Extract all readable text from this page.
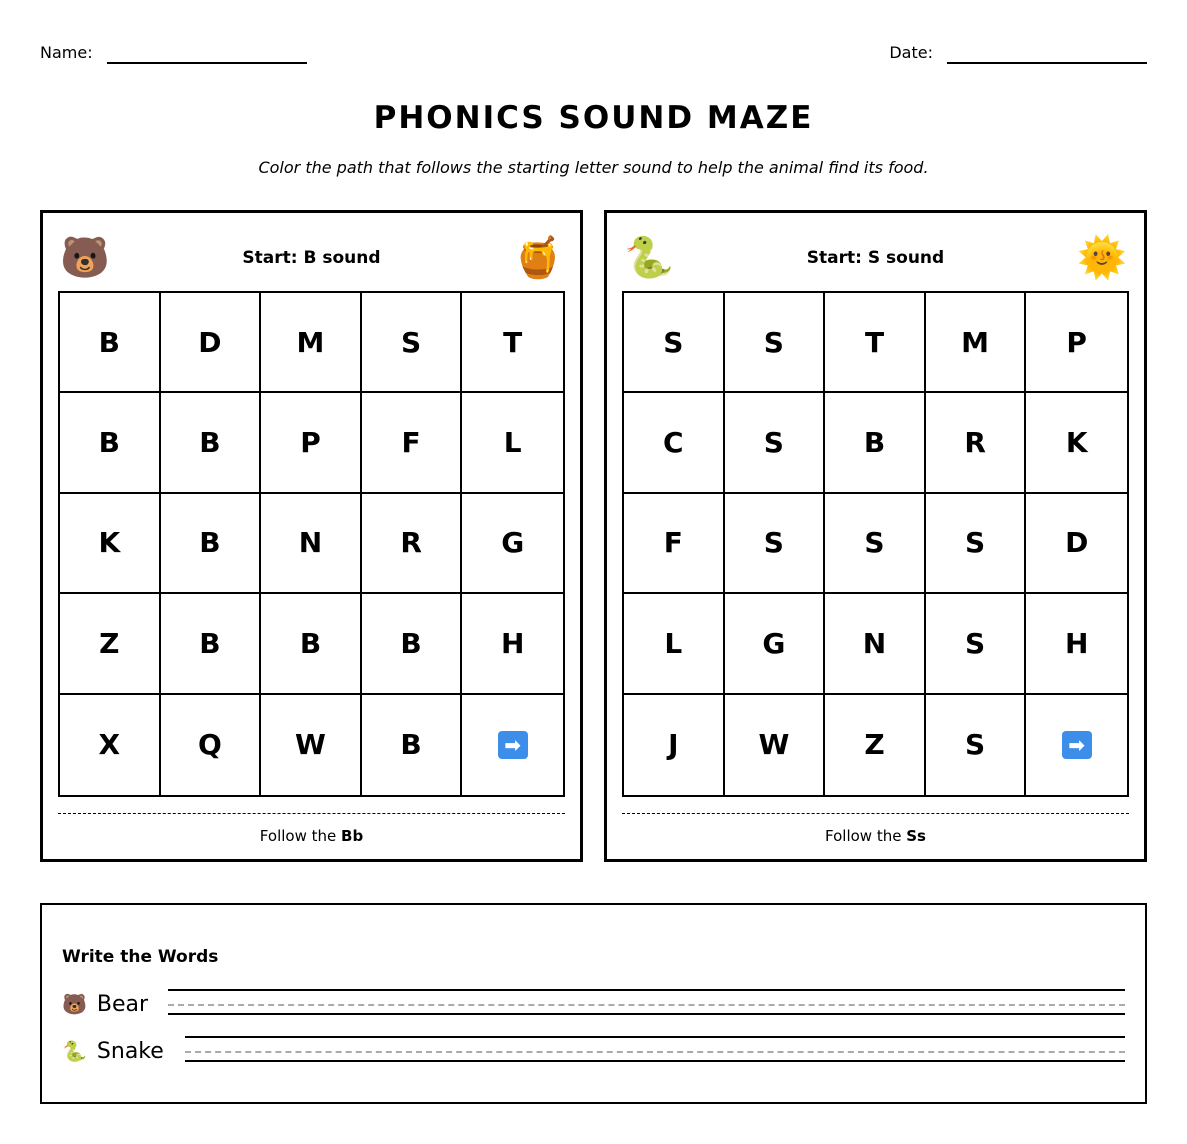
Name:	Date:
PHONICS SOUND MAZE

Color the path that follows the starting letter sound to help the animal find its food.

🐻	Start: B sound	🍯
B	D	M	S	T
B	B	P	F	L
K	B	N	R	G
Z	B	B	B	H
X	Q	W	B	➡
Follow the Bb
🐍	Start: S sound	🌞
S	S	T	M	P
C	S	B	R	K
F	S	S	S	D
L	G	N	S	H
J	W	Z	S	➡
Follow the Ss
Write the Words
🐻 Bear
🐍 Snake
